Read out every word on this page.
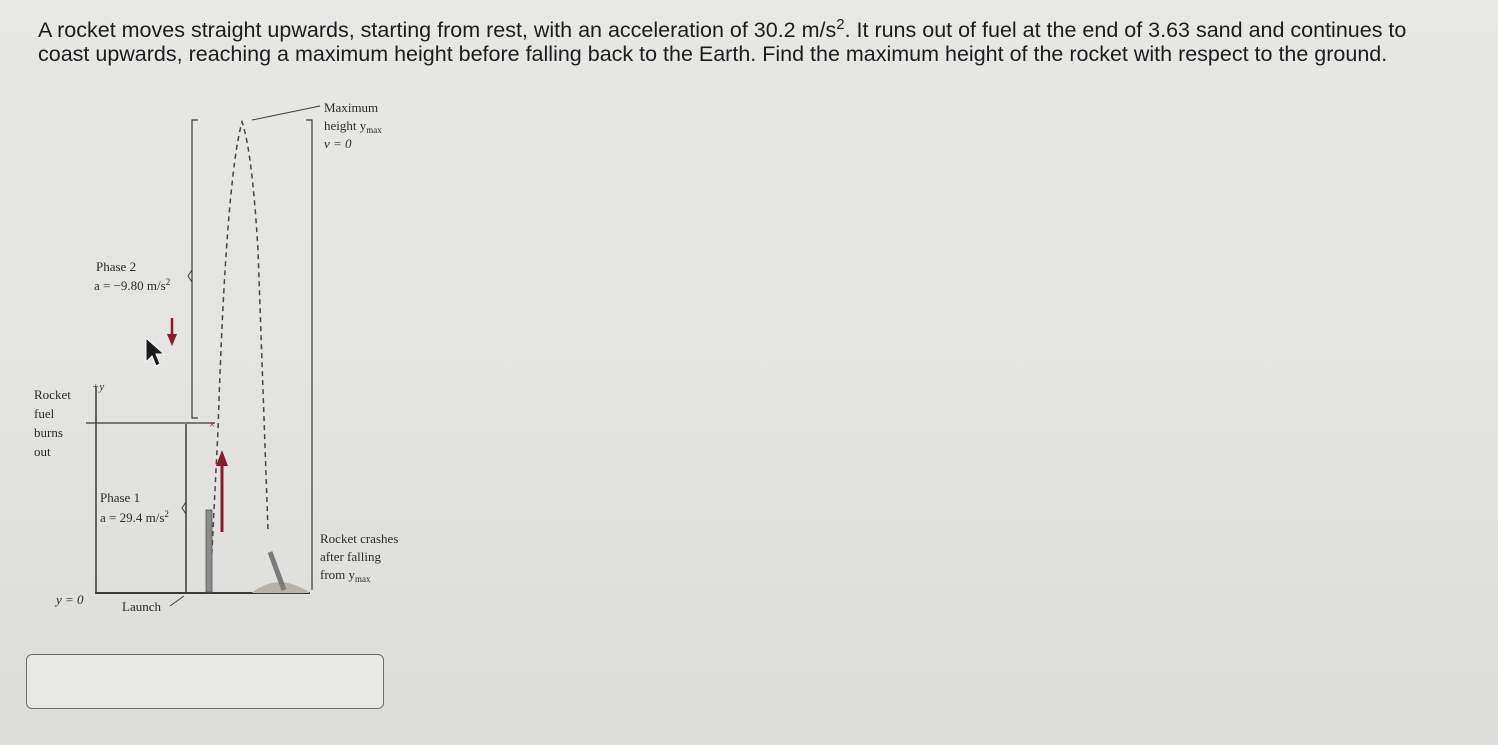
A rocket moves straight upwards, starting from rest, with an acceleration of 30.2 $m/s^2$. It runs out of fuel at the end of 3.63 sand and continues to coast upwards, reaching a maximum height before falling back to the Earth. Find the maximum height of the rocket with respect to the ground.

×
Maximum
height $y_{max}$
v = 0
Phase 2
a = −9.80 $m/s^2$
+y
Rocket
fuel
burns
out
Phase 1
a = 29.4 $m/s^2$
y = 0	Launch
Rocket crashes
after falling
from $y_{max}$
